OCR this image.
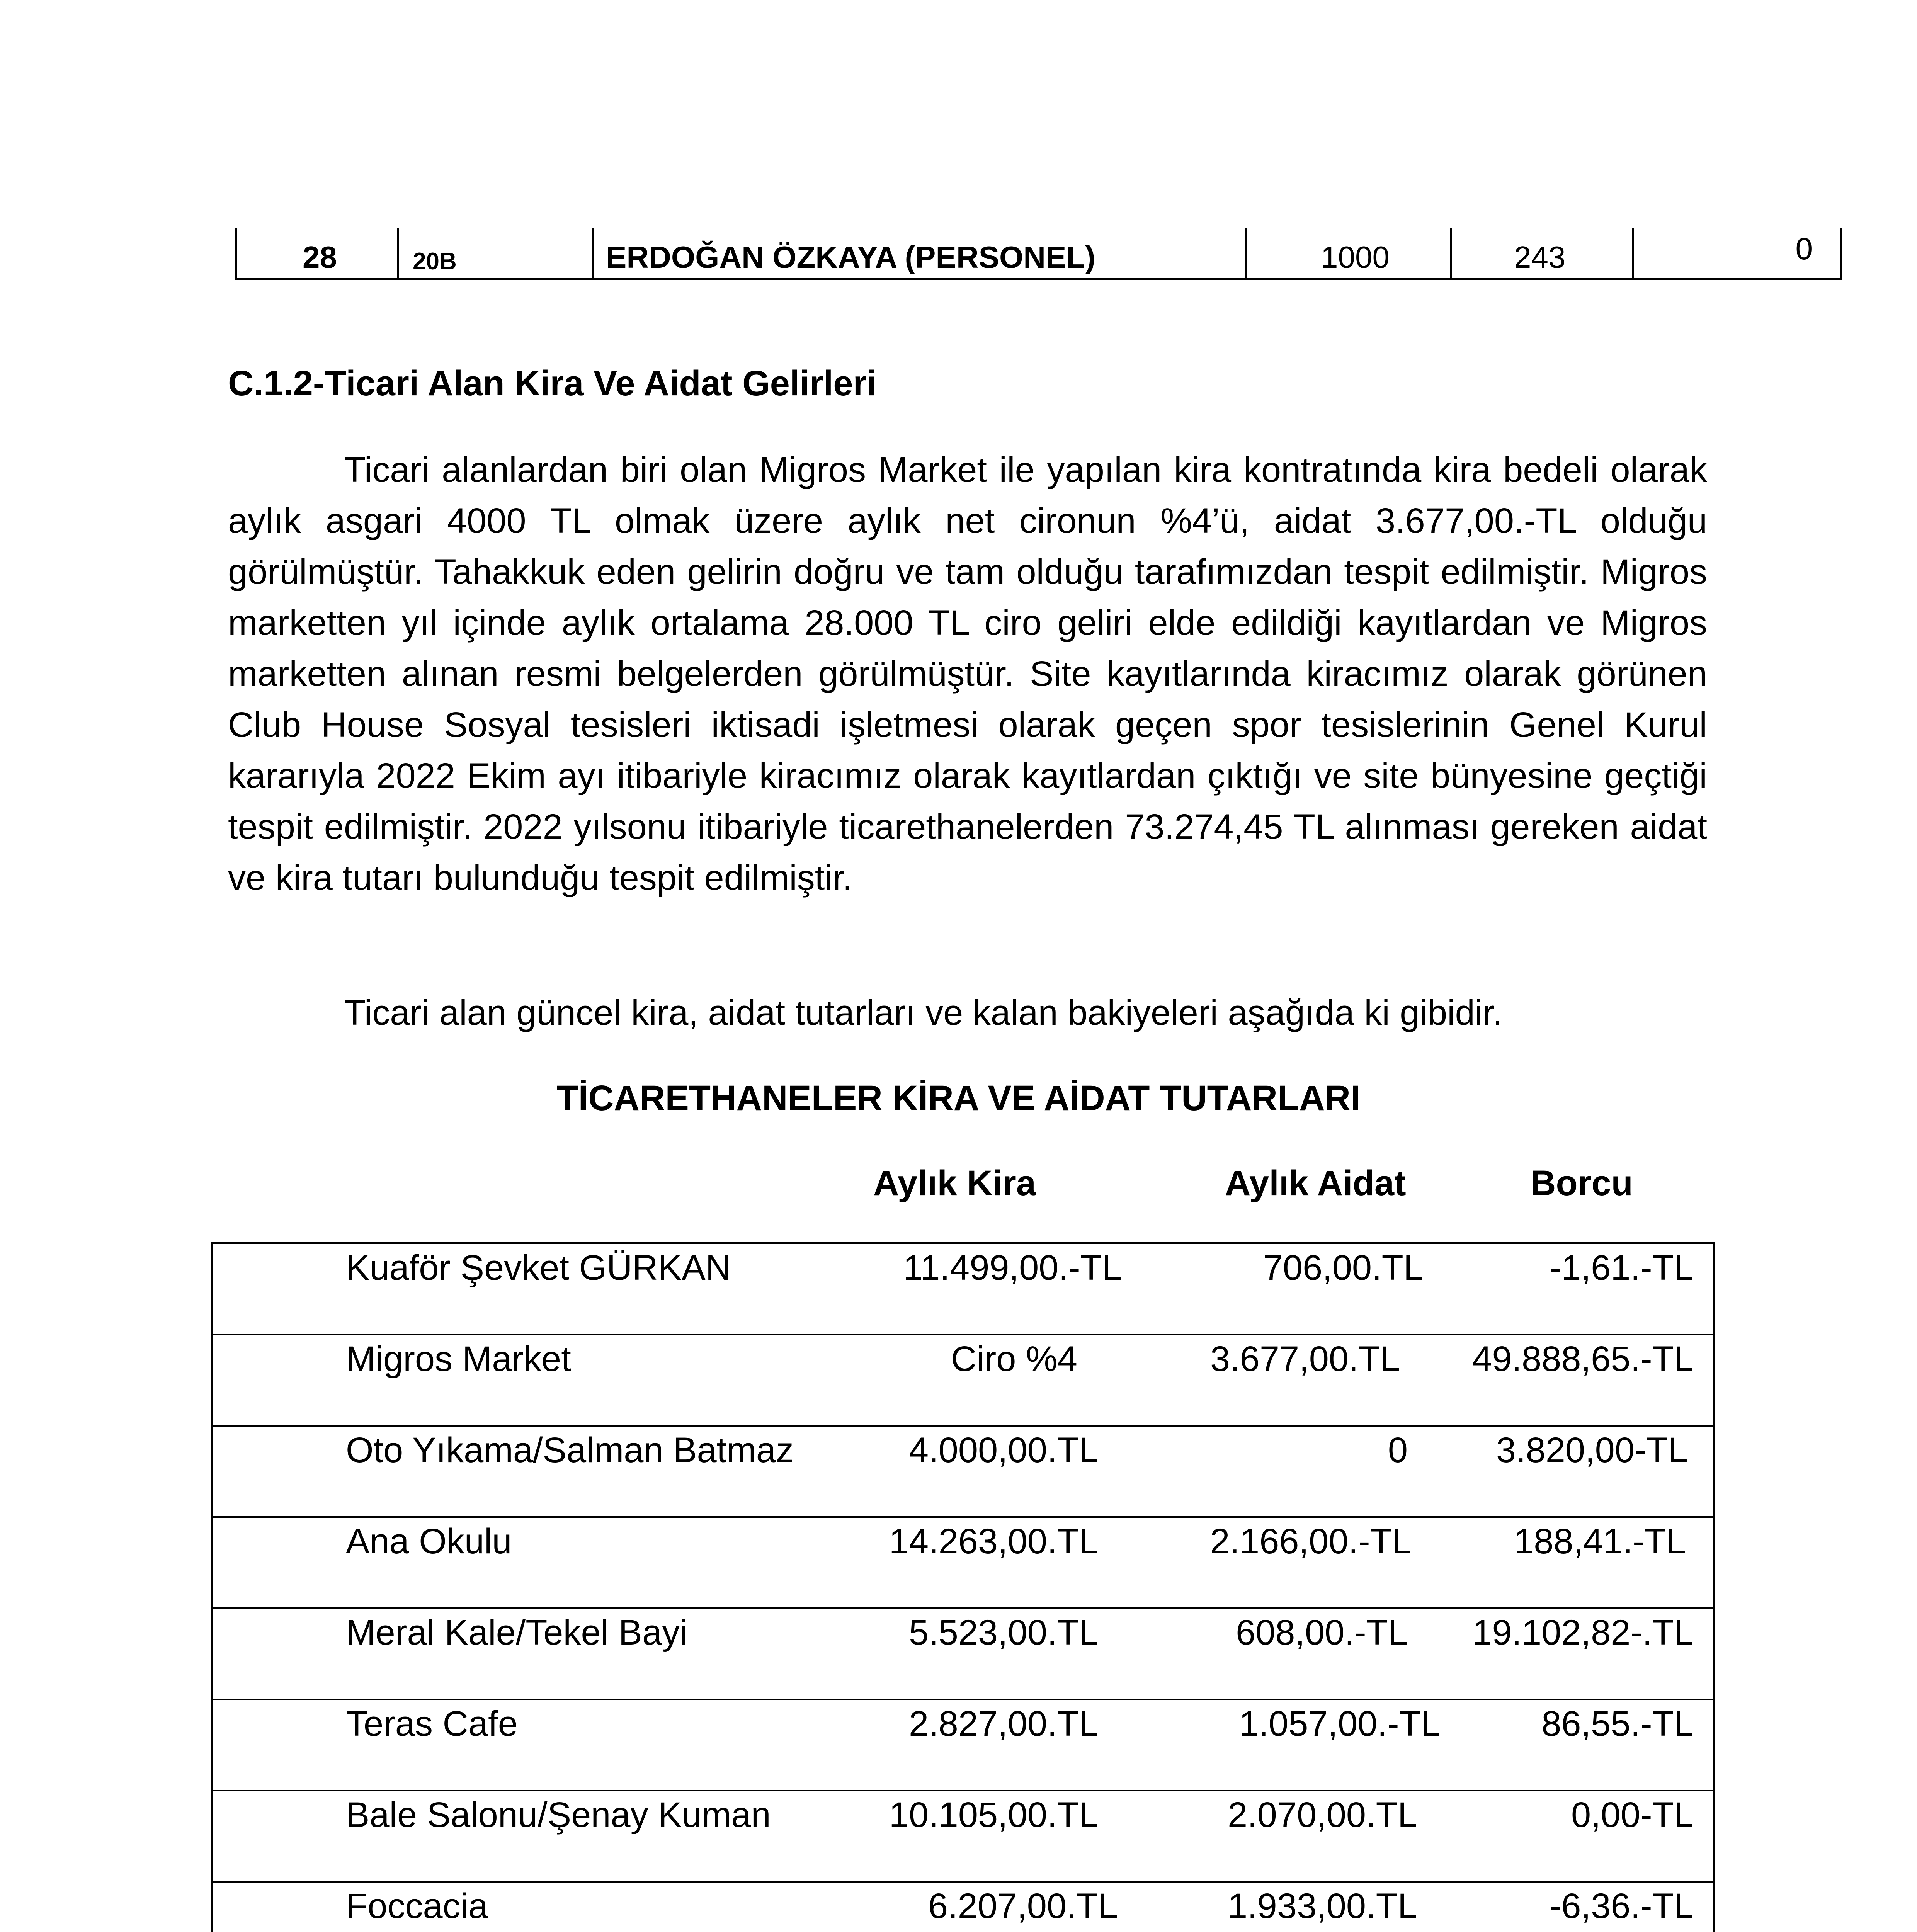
28	20B	ERDOĞAN ÖZKAYA (PERSONEL)	1000	243	0
C.1.2-Ticari Alan Kira Ve Aidat Gelirleri

Ticari alanlardan biri olan Migros Market ile yapılan kira kontratında kira bedeli olarak aylık asgari 4000 TL olmak üzere aylık net cironun %4’ü, aidat 3.677,00.-TL olduğu görülmüştür. Tahakkuk eden gelirin doğru ve tam olduğu tarafımızdan tespit edilmiştir. Migros marketten yıl içinde aylık ortalama 28.000 TL ciro geliri elde edildiği kayıtlardan ve Migros marketten alınan resmi belgelerden görülmüştür. Site kayıtlarında kiracımız olarak görünen Club House Sosyal tesisleri iktisadi işletmesi olarak geçen spor tesislerinin Genel Kurul kararıyla 2022 Ekim ayı itibariyle kiracımız olarak kayıtlardan çıktığı ve site bünyesine geçtiği tespit edilmiştir. 2022 yılsonu itibariyle ticarethanelerden 73.274,45 TL alınması gereken aidat ve kira tutarı bulunduğu tespit edilmiştir.

Ticari alan güncel kira, aidat tutarları ve kalan bakiyeleri aşağıda ki gibidir.

TİCARETHANELER KİRA VE AİDAT TUTARLARI
Aylık Kira	Aylık Aidat	Borcu
Kuaför Şevket GÜRKAN	11.499,00.-TL	706,00.TL	-1,61.-TL
Migros Market	Ciro %4	3.677,00.TL 49.888,65.-TL
Oto Yıkama/Salman Batmaz	4.000,00.TL	0 3.820,00-TL
Ana Okulu	14.263,00.TL	2.166,00.-TL	188,41.-TL
Meral Kale/Tekel Bayi	5.523,00.TL	608,00.-TL 19.102,82-.TL
Teras Cafe	2.827,00.TL	1.057,00.-TL	86,55.-TL
Bale Salonu/Şenay Kuman	10.105,00.TL	2.070,00.TL	0,00-TL
Foccacia	6.207,00.TL	1.933,00.TL	-6,36.-TL
